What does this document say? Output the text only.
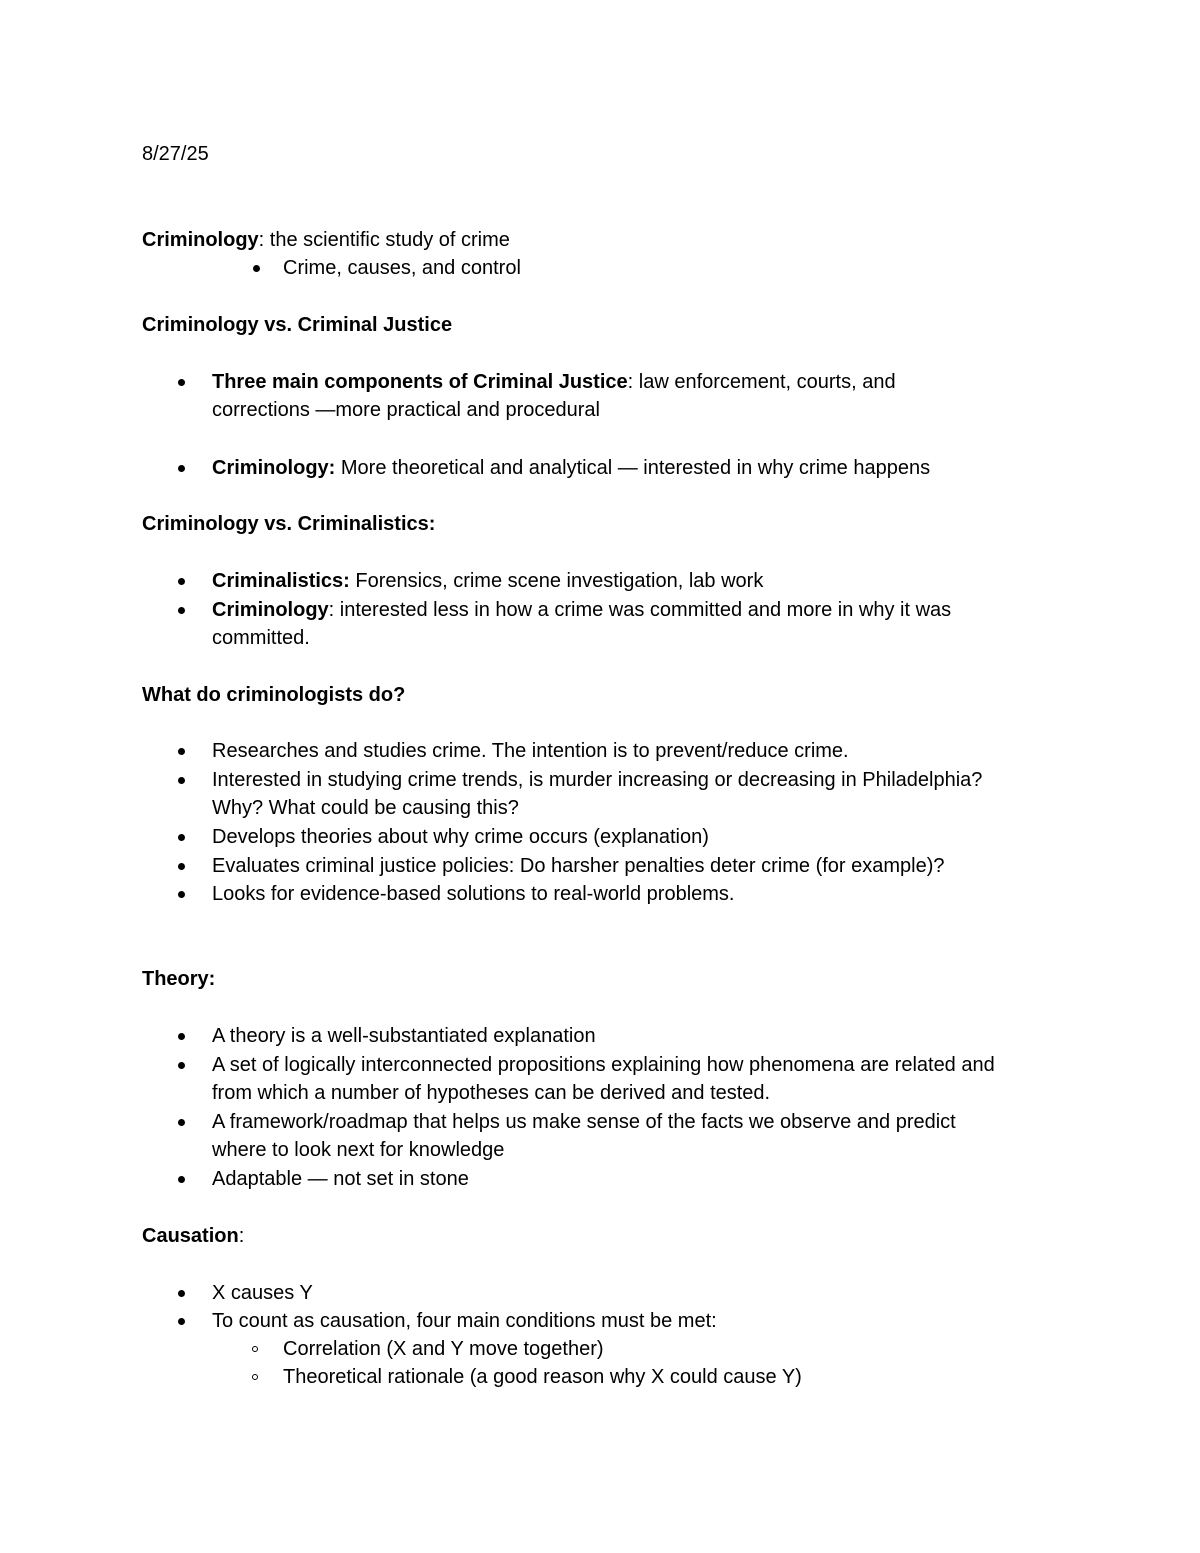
8/27/25
Criminology: the scientific study of crime
Crime, causes, and control
Criminology vs. Criminal Justice
Three main components of Criminal Justice: law enforcement, courts, and
corrections —more practical and procedural
Criminology: More theoretical and analytical — interested in why crime happens
Criminology vs. Criminalistics:
Criminalistics: Forensics, crime scene investigation, lab work
Criminology: interested less in how a crime was committed and more in why it was
committed.
What do criminologists do?
Researches and studies crime. The intention is to prevent/reduce crime.
Interested in studying crime trends, is murder increasing or decreasing in Philadelphia?
Why? What could be causing this?
Develops theories about why crime occurs (explanation)
Evaluates criminal justice policies: Do harsher penalties deter crime (for example)?
Looks for evidence-based solutions to real-world problems.
Theory:
A theory is a well-substantiated explanation
A set of logically interconnected propositions explaining how phenomena are related and
from which a number of hypotheses can be derived and tested.
A framework/roadmap that helps us make sense of the facts we observe and predict
where to look next for knowledge
Adaptable — not set in stone
Causation:
X causes Y
To count as causation, four main conditions must be met:
Correlation (X and Y move together)
Theoretical rationale (a good reason why X could cause Y)
